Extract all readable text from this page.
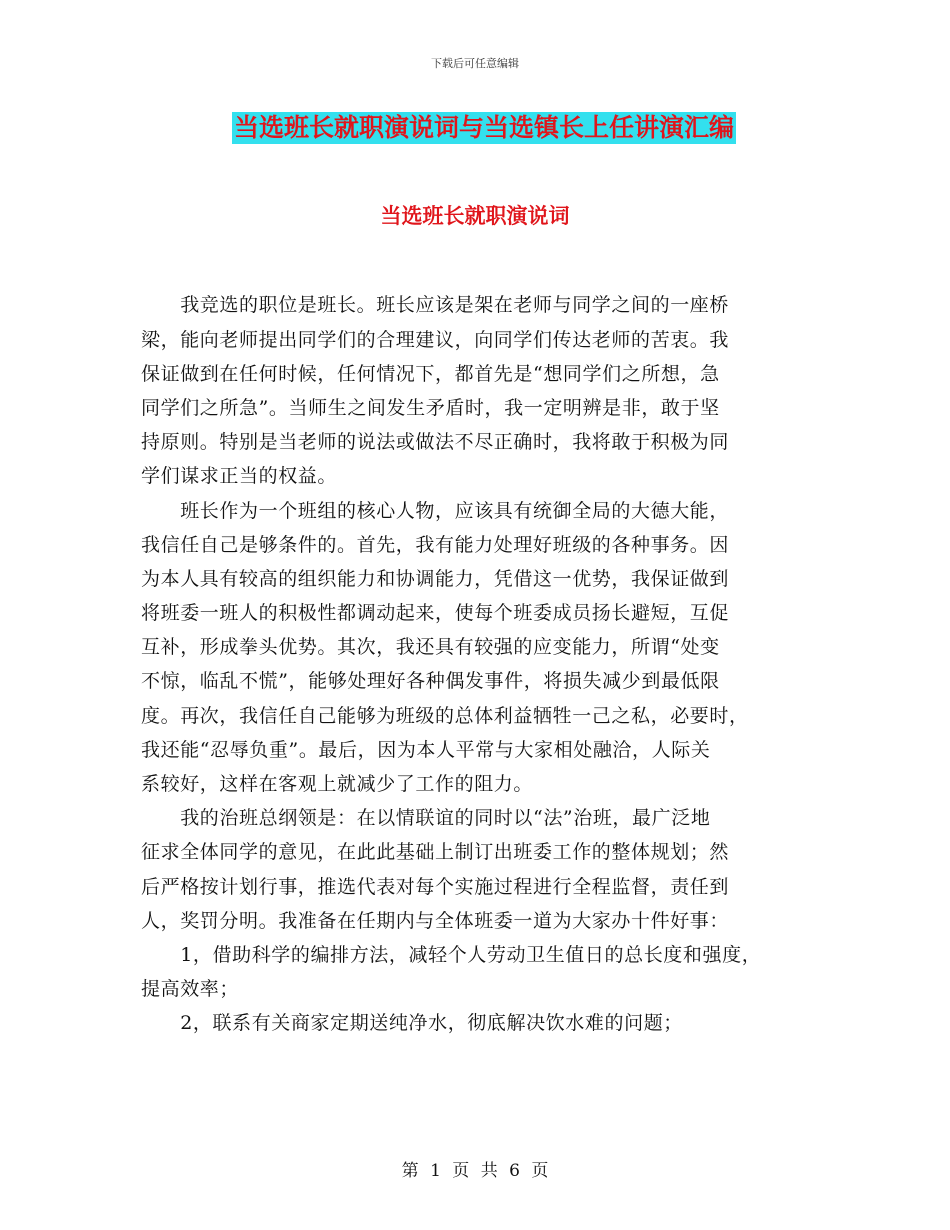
下载后可任意编辑
当选班长就职演说词与当选镇长上任讲演汇编
当选班长就职演说词
　　我竞选的职位是班长。班长应该是架在老师与同学之间的一座桥
梁，能向老师提出同学们的合理建议，向同学们传达老师的苦衷。我
保证做到在任何时候，任何情况下，都首先是“想同学们之所想，急
同学们之所急”。当师生之间发生矛盾时，我一定明辨是非，敢于坚
持原则。特别是当老师的说法或做法不尽正确时，我将敢于积极为同
学们谋求正当的权益。
　　班长作为一个班组的核心人物，应该具有统御全局的大德大能，
我信任自己是够条件的。首先，我有能力处理好班级的各种事务。因
为本人具有较高的组织能力和协调能力，凭借这一优势，我保证做到
将班委一班人的积极性都调动起来，使每个班委成员扬长避短，互促
互补，形成拳头优势。其次，我还具有较强的应变能力，所谓“处变
不惊，临乱不慌”，能够处理好各种偶发事件，将损失减少到最低限
度。再次，我信任自己能够为班级的总体利益牺牲一己之私，必要时，
我还能“忍辱负重”。最后，因为本人平常与大家相处融洽，人际关
系较好，这样在客观上就减少了工作的阻力。
　　我的治班总纲领是：在以情联谊的同时以“法”治班，最广泛地
征求全体同学的意见，在此此基础上制订出班委工作的整体规划；然
后严格按计划行事，推选代表对每个实施过程进行全程监督，责任到
人，奖罚分明。我准备在任期内与全体班委一道为大家办十件好事：
　　1，借助科学的编排方法，减轻个人劳动卫生值日的总长度和强度，
提高效率；
　　2，联系有关商家定期送纯净水，彻底解决饮水难的问题；
第 1 页 共 6 页
